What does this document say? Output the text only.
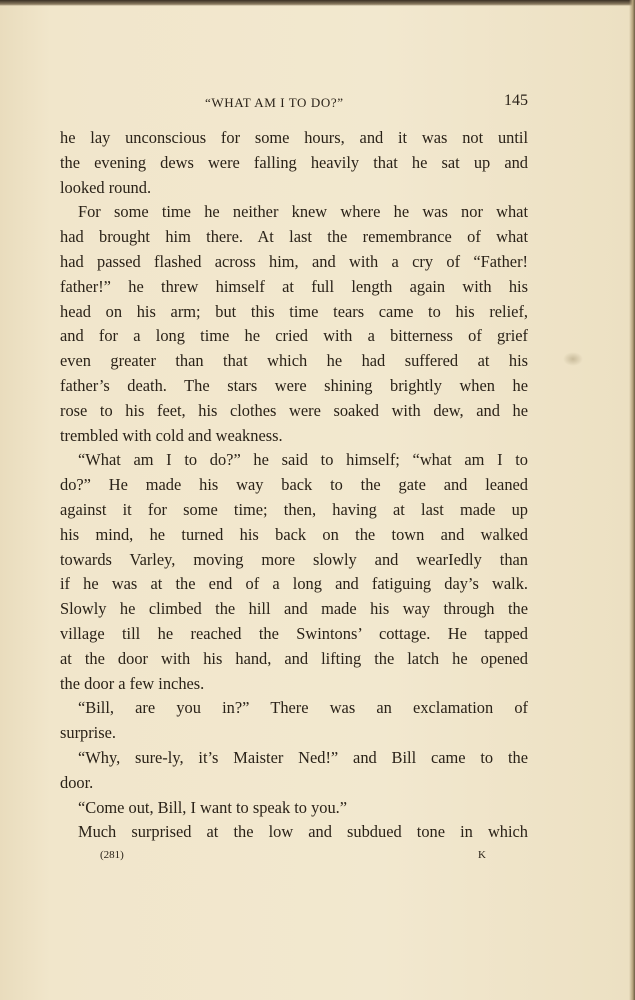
“WHAT AM I TO DO?”	145
he lay unconscious for some hours, and it was not until
the evening dews were falling heavily that he sat up and
looked round.
For some time he neither knew where he was nor what
had brought him there. At last the remembrance of what
had passed flashed across him, and with a cry of “Father!
father!” he threw himself at full length again with his
head on his arm; but this time tears came to his relief,
and for a long time he cried with a bitterness of grief
even greater than that which he had suffered at his
father’s death. The stars were shining brightly when he
rose to his feet, his clothes were soaked with dew, and he
trembled with cold and weakness.
“What am I to do?” he said to himself; “what am I to
do?” He made his way back to the gate and leaned
against it for some time; then, having at last made up
his mind, he turned his back on the town and walked
towards Varley, moving more slowly and wearIedly than
if he was at the end of a long and fatiguing day’s walk.
Slowly he climbed the hill and made his way through the
village till he reached the Swintons’ cottage. He tapped
at the door with his hand, and lifting the latch he opened
the door a few inches.
“Bill, are you in?” There was an exclamation of
surprise.
“Why, sure-ly, it’s Maister Ned!” and Bill came to the
door.
“Come out, Bill, I want to speak to you.”
Much surprised at the low and subdued tone in which
(281)	K
